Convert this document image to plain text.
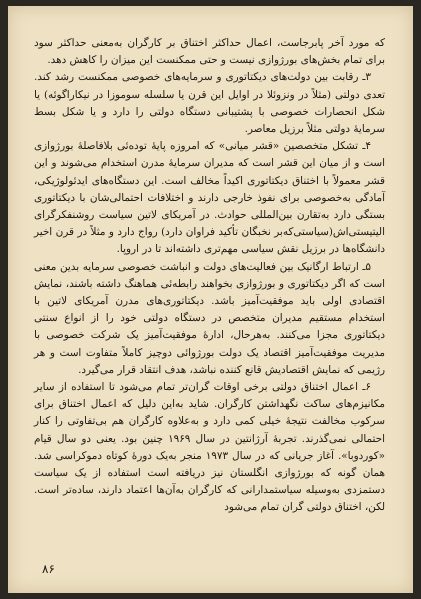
که مورد آخر پابرجاست، اعمال حداکثر اختناق بر کارگران به‌معنی حداکثر سود برای تمام بخش‌های بورژوازی نیست و حتی ممکنست این میزان را کاهش دهد.

۳ـ رقابت بین دولت‌های دیکتاتوری و سرمایه‌های خصوصی ممکنست رشد کند. تعدی دولتی (مثلاً در ونزوئلا در اوایل این قرن یا سلسله سوموزا در نیکاراگوئه) یا شکل انحصارات خصوصی با پشتیبانی دستگاه دولتی را دارد و یا شکل بسط سرمایهٔ دولتی مثلاً برزیل معاصر.

۴ـ تشکل متخصصین «قشر میانی» که امروزه پایهٔ توده‌ئی بلافاصلهٔ بورژوازی است و از میان این قشر است که مدیران سرمایهٔ مدرن استخدام می‌شوند و این قشر معمولاً با اختناق دیکتاتوری اکیداً مخالف است. این دستگاه‌های ایدئولوژیکی، آمادگی به‌خصوصی برای نفوذ خارجی دارند و اختلافات احتمالی‌شان با دیکتاتوری بستگی دارد به‌تقارن بین‌المللی حوادث. در آمریکای لاتین سیاست روشنفکرگرای الیتیستی‌اش(سیاستی‌که‌بر نخبگان تأکید فراوان دارد) رواج دارد و مثلاً در قرن اخیر دانشگاه‌ها در برزیل نقش سیاسی مهم‌تری داشته‌اند تا در اروپا.

۵ـ ارتباط ارگانیک بین فعالیت‌های دولت و انباشت خصوصی سرمایه بدین معنی است که اگر دیکتاتوری و بورژوازی بخواهند رابطه‌ئی هماهنگ داشته باشند، نمایش اقتصادی اولی باید موفقیت‌آمیز باشد. دیکتاتوری‌های مدرن آمریکای لاتین با استخدام مستقیم مدیران متخصص در دستگاه دولتی خود را از انواع سنتی دیکتاتوری مجزا می‌کنند. به‌هرحال، ادارهٔ موفقیت‌آمیز یک شرکت خصوصی با مدیریت موفقیت‌آمیز اقتصاد یک دولت بورژوائی دوچیز کاملاً متفاوت است و هر رژیمی که نمایش اقتصادیش قانع کننده نباشد، هدف انتقاد قرار می‌گیرد.

۶ـ اعمال اختناق دولتی برخی اوقات گران‌تر تمام می‌شود تا استفاده از سایر مکانیزم‌های ساکت نگهداشتن کارگران. شاید به‌این دلیل که اعمال اختناق برای سرکوب مخالفت نتیجهٔ خیلی کمی دارد و به‌علاوه کارگران هم بی‌تفاوتی را کنار احتمالی نمی‌گذرند. تجربهٔ آرژانتین در سال ۱۹۶۹ چنین بود. یعنی دو سال قیام «کوردوبا». آغاز جریانی که در سال ۱۹۷۳ منجر به‌یک دورهٔ کوتاه دموکراسی شد. همان گونه که بورژوازی انگلستان نیز دریافته است استفاده از یک سیاست دستمزدی به‌وسیله سیاستمدارانی که کارگران به‌آن‌ها اعتماد دارند، ساده‌تر است. لکن، اختناق دولتی گران تمام می‌شود

۸۶
